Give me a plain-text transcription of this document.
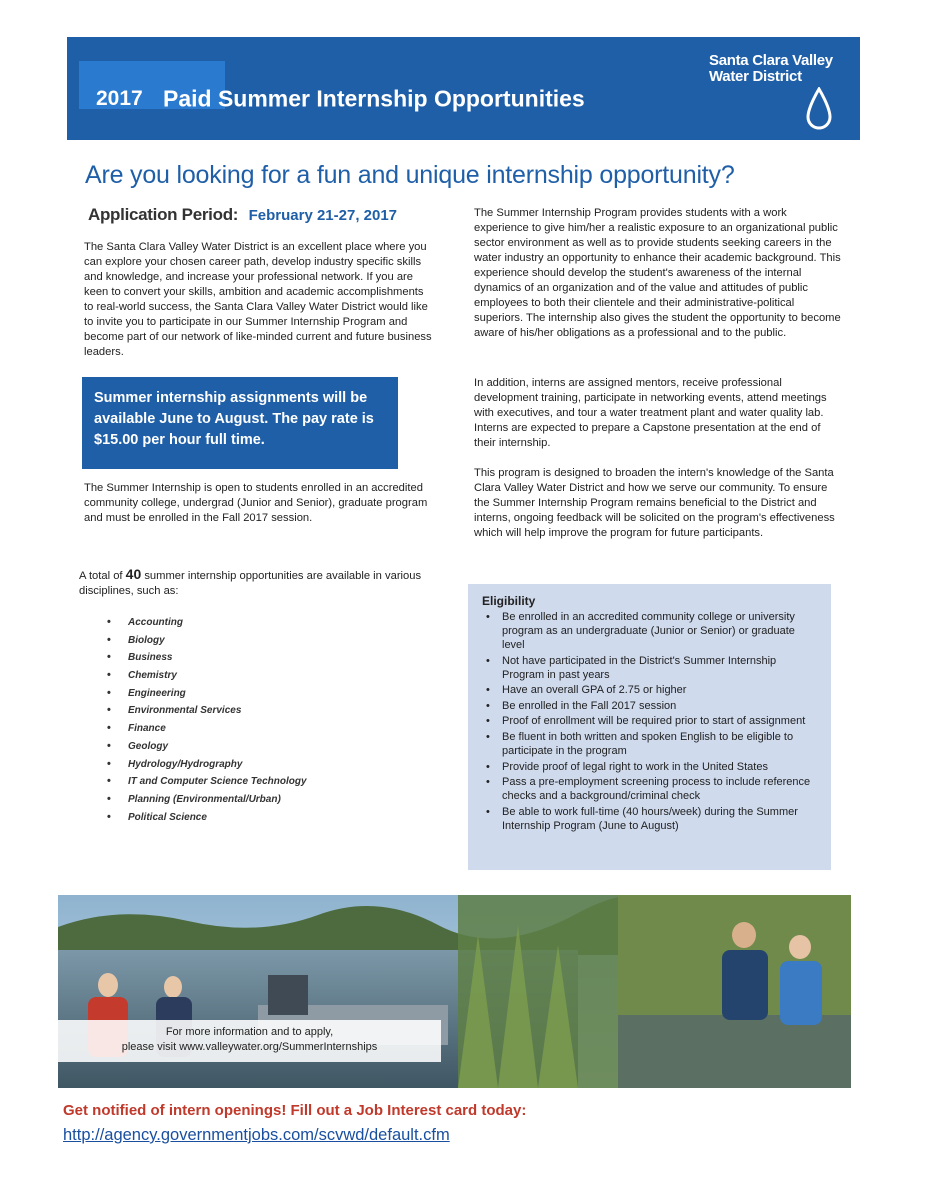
2017 Paid Summer Internship Opportunities
Santa Clara Valley
Water District
Are you looking for a fun and unique internship opportunity?
Application Period: February 21-27, 2017

The Santa Clara Valley Water District is an excellent place where you can explore your chosen career path, develop industry specific skills and knowledge, and increase your professional network. If you are keen to convert your skills, ambition and academic accomplishments to real-world success, the Santa Clara Valley Water District would like to invite you to participate in our Summer Internship Program and become part of our network of like-minded current and future business leaders.

Summer internship assignments will be
available June to August. The pay rate is
$15.00 per hour full time.

The Summer Internship is open to students enrolled in an accredited community college, undergrad (Junior and Senior), graduate program and must be enrolled in the Fall 2017 session.

A total of 40 summer internship opportunities are available in various disciplines, such as:

• Accounting
• Biology
• Business
• Chemistry
• Engineering
• Environmental Services
• Finance
• Geology
• Hydrology/Hydrography
• IT and Computer Science Technology
• Planning (Environmental/Urban)
• Political Science

The Summer Internship Program provides students with a work experience to give him/her a realistic exposure to an organizational public sector environment as well as to provide students seeking careers in the water industry an opportunity to enhance their academic background. This experience should develop the student's awareness of the internal dynamics of an organization and of the value and attitudes of public employees to both their clientele and their administrative-political superiors. The internship also gives the student the opportunity to become aware of his/her obligations as a professional and to the public.

In addition, interns are assigned mentors, receive professional development training, participate in networking events, attend meetings with executives, and tour a water treatment plant and water quality lab. Interns are expected to prepare a Capstone presentation at the end of their internship.

This program is designed to broaden the intern's knowledge of the Santa Clara Valley Water District and how we serve our community. To ensure the Summer Internship Program remains beneficial to the District and interns, ongoing feedback will be solicited on the program's effectiveness which will help improve the program for future participants.

Eligibility
• Be enrolled in an accredited community college or university program as an undergraduate (Junior or Senior) or graduate level
• Not have participated in the District's Summer Internship Program in past years
• Have an overall GPA of 2.75 or higher
• Be enrolled in the Fall 2017 session
• Proof of enrollment will be required prior to start of assignment
• Be fluent in both written and spoken English to be eligible to participate in the program
• Provide proof of legal right to work in the United States
• Pass a pre-employment screening process to include reference checks and a background/criminal check
• Be able to work full-time (40 hours/week) during the Summer Internship Program (June to August)
For more information and to apply,
please visit www.valleywater.org/SummerInternships
Get notified of intern openings! Fill out a Job Interest card today:
http://agency.governmentjobs.com/scvwd/default.cfm
